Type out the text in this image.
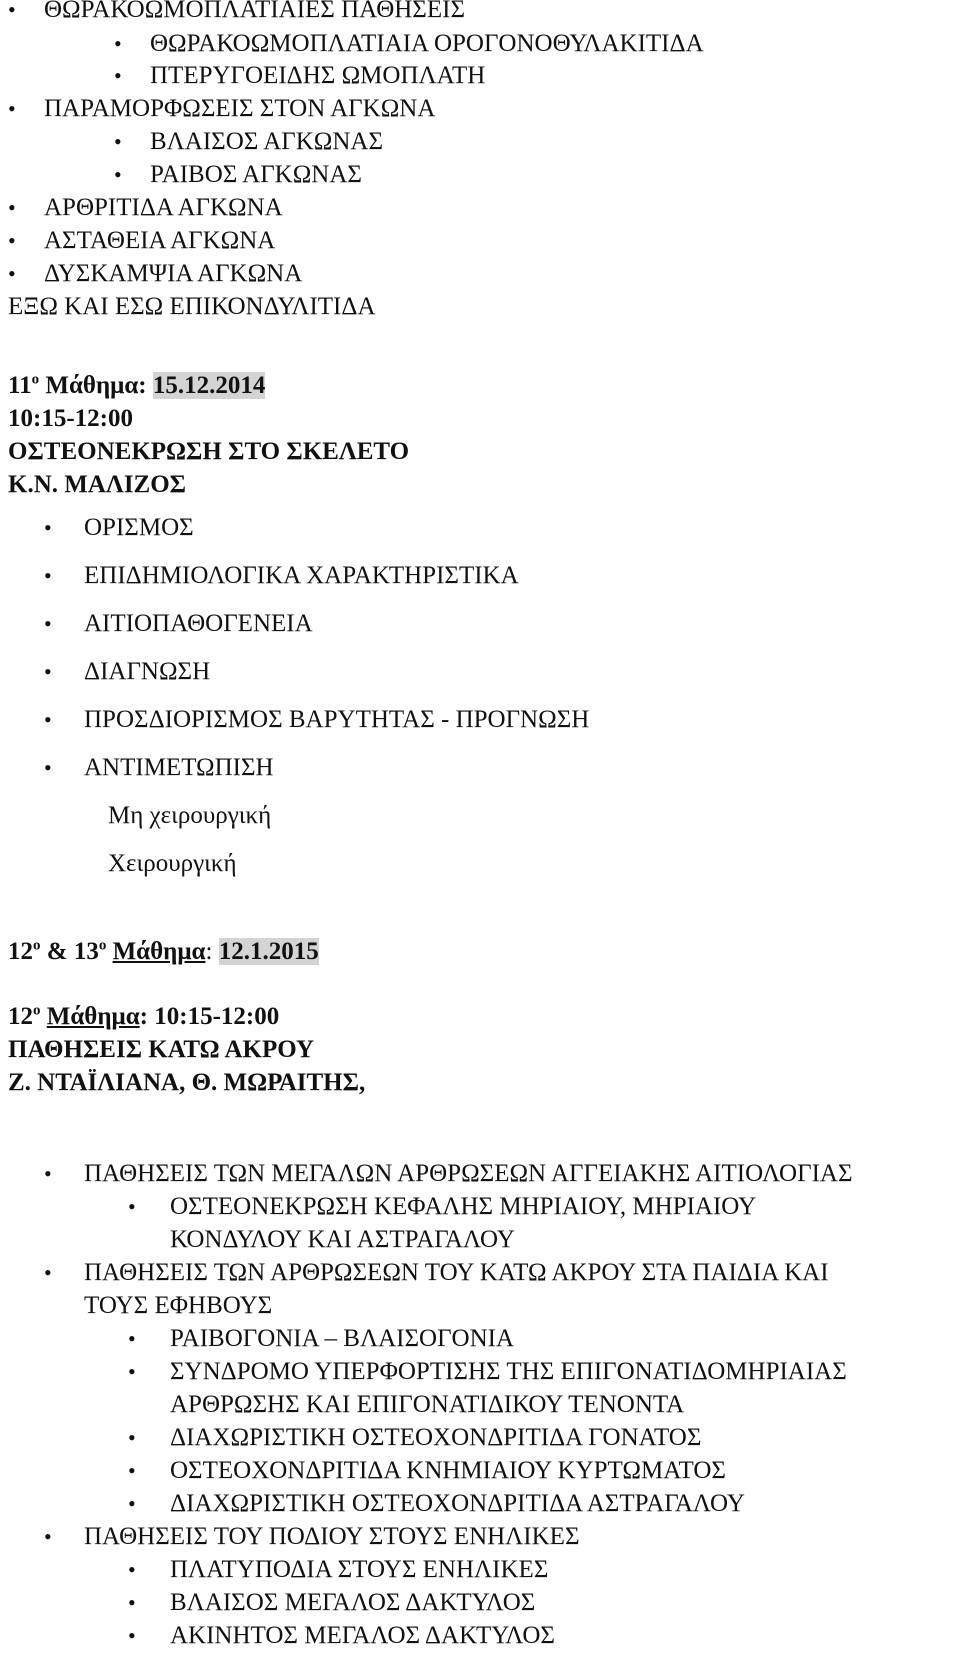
• ΘΩΡΑΚΟΩΜΟΠΛΑΤΙΑΙΕΣ ΠΑΘΗΣΕΙΣ
• ΘΩΡΑΚΟΩΜΟΠΛΑΤΙΑΙΑ ΟΡΟΓΟΝΟΘΥΛΑΚΙΤΙΔΑ
• ΠΤΕΡΥΓΟΕΙΔΗΣ ΩΜΟΠΛΑΤΗ
• ΠΑΡΑΜΟΡΦΩΣΕΙΣ ΣΤΟΝ ΑΓΚΩΝΑ
• ΒΛΑΙΣΟΣ ΑΓΚΩΝΑΣ
• ΡΑΙΒΟΣ ΑΓΚΩΝΑΣ
• ΑΡΘΡΙΤΙΔΑ ΑΓΚΩΝΑ
• ΑΣΤΑΘΕΙΑ ΑΓΚΩΝΑ
• ΔΥΣΚΑΜΨΙΑ ΑΓΚΩΝΑ
ΕΞΩ ΚΑΙ ΕΣΩ ΕΠΙΚΟΝΔΥΛΙΤΙΔΑ
$11^o$ Μάθημα: 15.12.2014
10:15-12:00
ΟΣΤΕΟΝΕΚΡΩΣΗ ΣΤΟ ΣΚΕΛΕΤΟ
Κ.Ν. ΜΑΛΙΖΟΣ
• ΟΡΙΣΜΟΣ
• ΕΠΙΔΗΜΙΟΛΟΓΙΚΑ ΧΑΡΑΚΤΗΡΙΣΤΙΚΑ
• ΑΙΤΙΟΠΑΘΟΓΕΝΕΙΑ
• ΔΙΑΓΝΩΣΗ
• ΠΡΟΣΔΙΟΡΙΣΜΟΣ ΒΑΡΥΤΗΤΑΣ - ΠΡΟΓΝΩΣΗ
• ΑΝΤΙΜΕΤΩΠΙΣΗ
Μη χειρουργική
Χειρουργική
$12^o$ & $13^o$ Μάθημα: 12.1.2015
$12^o$ Μάθημα: 10:15-12:00
ΠΑΘΗΣΕΙΣ ΚΑΤΩ ΑΚΡΟΥ
Ζ. ΝΤΑΪΛΙΑΝΑ, Θ. ΜΩΡΑΙΤΗΣ,
• ΠΑΘΗΣΕΙΣ ΤΩΝ ΜΕΓΑΛΩΝ ΑΡΘΡΩΣΕΩΝ ΑΓΓΕΙΑΚΗΣ ΑΙΤΙΟΛΟΓΙΑΣ
• ΟΣΤΕΟΝΕΚΡΩΣΗ ΚΕΦΑΛΗΣ ΜΗΡΙΑΙΟΥ, ΜΗΡΙΑΙΟΥ
ΚΟΝΔΥΛΟΥ ΚΑΙ ΑΣΤΡΑΓΑΛΟΥ
• ΠΑΘΗΣΕΙΣ ΤΩΝ ΑΡΘΡΩΣΕΩΝ ΤΟΥ ΚΑΤΩ ΑΚΡΟΥ ΣΤΑ ΠΑΙΔΙΑ ΚΑΙ
ΤΟΥΣ ΕΦΗΒΟΥΣ
• ΡΑΙΒΟΓΟΝΙΑ – ΒΛΑΙΣΟΓΟΝΙΑ
• ΣΥΝΔΡΟΜΟ ΥΠΕΡΦΟΡΤΙΣΗΣ ΤΗΣ ΕΠΙΓΟΝΑΤΙΔΟΜΗΡΙΑΙΑΣ
ΑΡΘΡΩΣΗΣ ΚΑΙ ΕΠΙΓΟΝΑΤΙΔΙΚΟΥ ΤΕΝΟΝΤΑ
• ΔΙΑΧΩΡΙΣΤΙΚΗ ΟΣΤΕΟΧΟΝΔΡΙΤΙΔΑ ΓΟΝΑΤΟΣ
• ΟΣΤΕΟΧΟΝΔΡΙΤΙΔΑ ΚΝΗΜΙΑΙΟΥ ΚΥΡΤΩΜΑΤΟΣ
• ΔΙΑΧΩΡΙΣΤΙΚΗ ΟΣΤΕΟΧΟΝΔΡΙΤΙΔΑ ΑΣΤΡΑΓΑΛΟΥ
• ΠΑΘΗΣΕΙΣ ΤΟΥ ΠΟΔΙΟΥ ΣΤΟΥΣ ΕΝΗΛΙΚΕΣ
• ΠΛΑΤΥΠΟΔΙΑ ΣΤΟΥΣ ΕΝΗΛΙΚΕΣ
• ΒΛΑΙΣΟΣ ΜΕΓΑΛΟΣ ΔΑΚΤΥΛΟΣ
• ΑΚΙΝΗΤΟΣ ΜΕΓΑΛΟΣ ΔΑΚΤΥΛΟΣ
